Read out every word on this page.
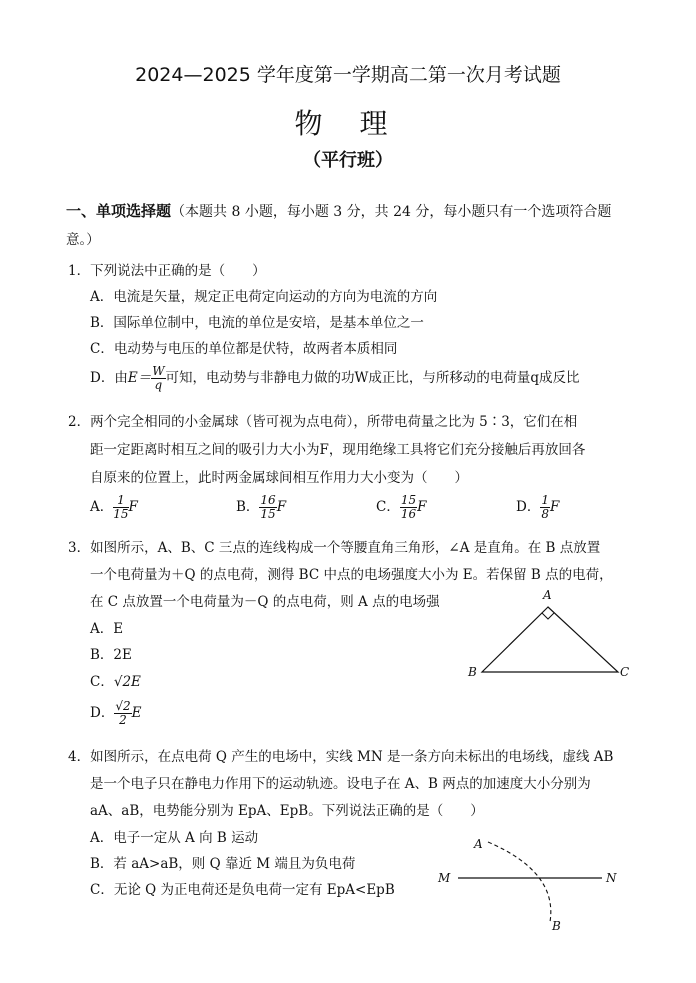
2024—2025 学年度第一学期高二第一次月考试题
物 理
（平行班）
一、单项选择题（本题共 8 小题，每小题 3 分，共 24 分，每小题只有一个选项符合题
意。）
1．下列说法中正确的是（　　）
A．电流是矢量，规定正电荷定向运动的方向为电流的方向
B．国际单位制中，电流的单位是安培，是基本单位之一
C．电动势与电压的单位都是伏特，故两者本质相同
D．由$E= \frac{W}{q}$ 可知，电动势与非静电力做的功W成正比，与所移动的电荷量q成反比
2．两个完全相同的小金属球（皆可视为点电荷），所带电荷量之比为 5∶3，它们在相
距一定距离时相互之间的吸引力大小为F，现用绝缘工具将它们充分接触后再放回各
自原来的位置上，此时两金属球间相互作用力大小变为（　　）
A． $\frac{1}{15}$ F	B． $\frac{16}{15}$ F	C． $\frac{15}{16}$ F	D． $\frac{1}{8}$ F
3．如图所示，A、B、C 三点的连线构成一个等腰直角三角形，∠A 是直角。在 B 点放置
一个电荷量为＋Q 的点电荷，测得 BC 中点的电场强度大小为 E。若保留 B 点的电荷，
在 C 点放置一个电荷量为－Q 的点电荷，则 A 点的电场强
A．E
B．2E
C．√2E
D． $\frac{√2}{2}$ E
A
B	C
4．如图所示，在点电荷 Q 产生的电场中，实线 MN 是一条方向未标出的电场线，虚线 AB
是一个电子只在静电力作用下的运动轨迹。设电子在 A、B 两点的加速度大小分别为
aA、aB，电势能分别为 EpA、EpB。下列说法正确的是（　　）
A．电子一定从 A 向 B 运动
B．若 aA>aB，则 Q 靠近 M 端且为负电荷
C．无论 Q 为正电荷还是负电荷一定有 EpA<EpB
A
B
M	N
